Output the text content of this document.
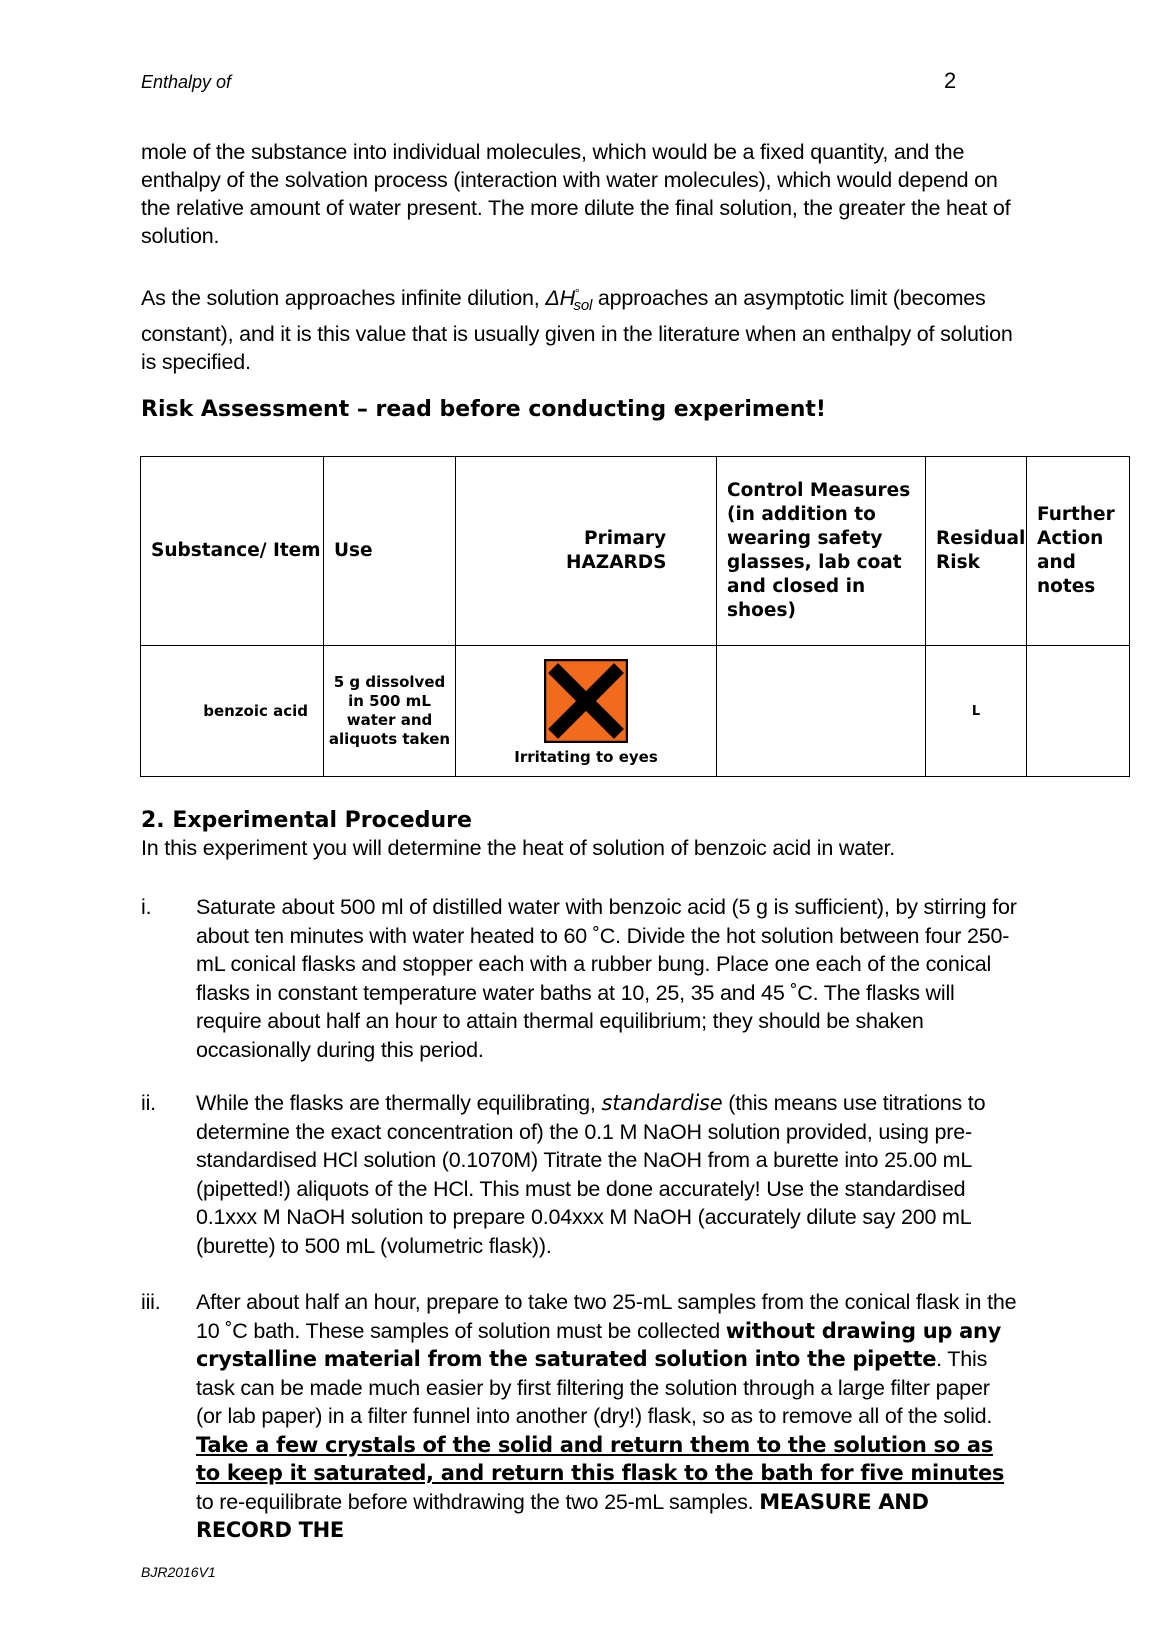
Enthalpy of	2
mole of the substance into individual molecules, which would be a fixed quantity, and the enthalpy of the solvation process (interaction with water molecules), which would depend on the relative amount of water present. The more dilute the final solution, the greater the heat of solution.
As the solution approaches infinite dilution, $\Delta H^\circ_{sol}$ approaches an asymptotic limit (becomes constant), and it is this value that is usually given in the literature when an enthalpy of solution is specified.
Risk Assessment – read before conducting experiment!
Substance/ Item	Use	Primary HAZARDS	Control Measures (in addition to wearing safety glasses, lab coat and closed in shoes)	Residual Risk	Further Action and notes
benzoic acid	5 g dissolved in 500 mL water and aliquots taken	Irritating to eyes		L	
2. Experimental Procedure
In this experiment you will determine the heat of solution of benzoic acid in water.
i. Saturate about 500 ml of distilled water with benzoic acid (5 g is sufficient), by stirring for about ten minutes with water heated to 60 ˚C. Divide the hot solution between four 250-mL conical flasks and stopper each with a rubber bung. Place one each of the conical flasks in constant temperature water baths at 10, 25, 35 and 45 ˚C. The flasks will require about half an hour to attain thermal equilibrium; they should be shaken occasionally during this period.
ii. While the flasks are thermally equilibrating, standardise (this means use titrations to determine the exact concentration of) the 0.1 M NaOH solution provided, using pre- standardised HCl solution (0.1070M) Titrate the NaOH from a burette into 25.00 mL (pipetted!) aliquots of the HCl. This must be done accurately! Use the standardised 0.1xxx M NaOH solution to prepare 0.04xxx M NaOH (accurately dilute say 200 mL (burette) to 500 mL (volumetric flask)).
iii. After about half an hour, prepare to take two 25-mL samples from the conical flask in the 10 ˚C bath. These samples of solution must be collected without drawing up any crystalline material from the saturated solution into the pipette. This task can be made much easier by first filtering the solution through a large filter paper (or lab paper) in a filter funnel into another (dry!) flask, so as to remove all of the solid. Take a few crystals of the solid and return them to the solution so as to keep it saturated, and return this flask to the bath for five minutes to re-equilibrate before withdrawing the two 25-mL samples. MEASURE AND RECORD THE
BJR2016V1
